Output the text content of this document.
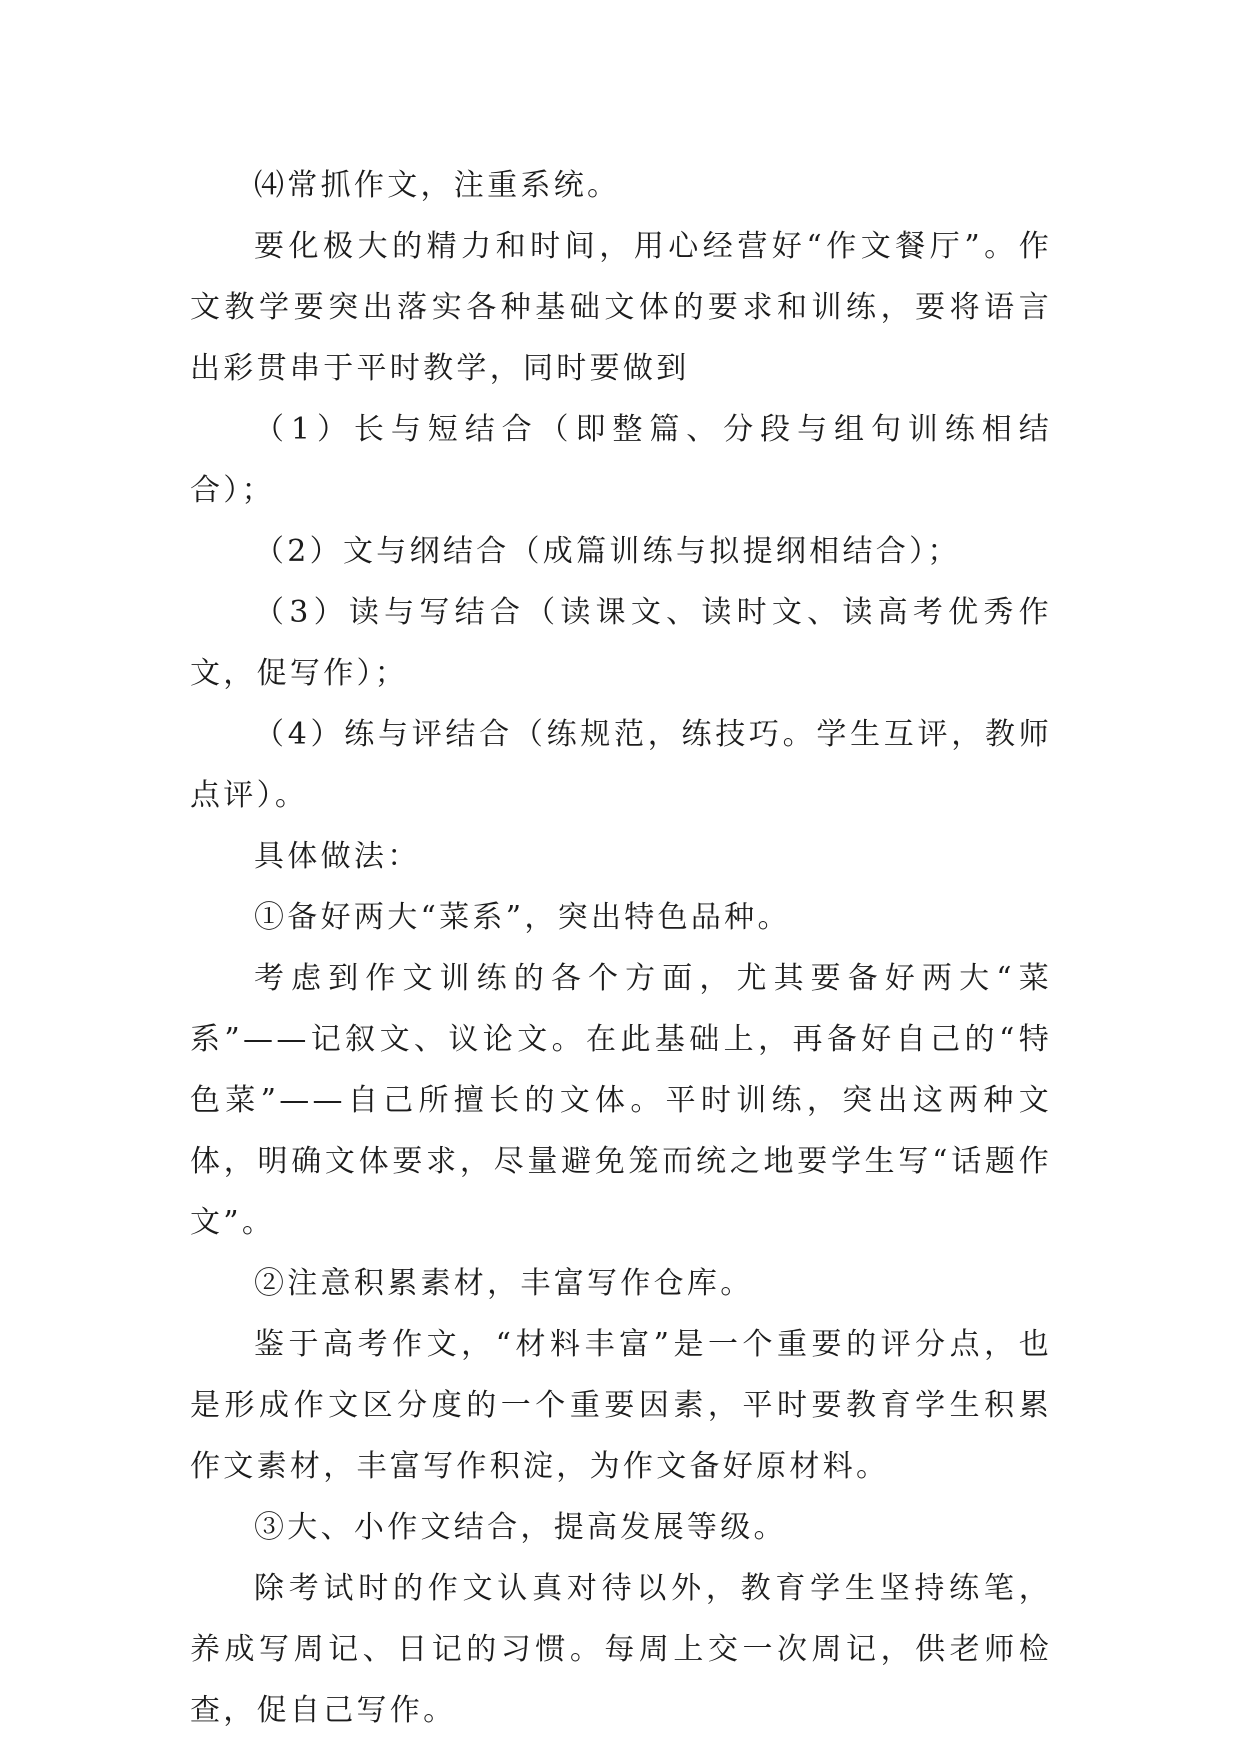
⑷常抓作文，注重系统。

要化极大的精力和时间，用心经营好“作文餐厅”。作文教学要突出落实各种基础文体的要求和训练，要将语言出彩贯串于平时教学，同时要做到

（1）长与短结合（即整篇、分段与组句训练相结合）；

（2）文与纲结合（成篇训练与拟提纲相结合）；

（3）读与写结合（读课文、读时文、读高考优秀作文，促写作）；

（4）练与评结合（练规范，练技巧。学生互评，教师点评）。

具体做法：

①备好两大“菜系”，突出特色品种。

考虑到作文训练的各个方面，尤其要备好两大“菜系”——记叙文、议论文。在此基础上，再备好自己的“特色菜”——自己所擅长的文体。平时训练，突出这两种文体，明确文体要求，尽量避免笼而统之地要学生写“话题作文”。

②注意积累素材，丰富写作仓库。

鉴于高考作文，“材料丰富”是一个重要的评分点，也是形成作文区分度的一个重要因素，平时要教育学生积累作文素材，丰富写作积淀，为作文备好原材料。

③大、小作文结合，提高发展等级。

除考试时的作文认真对待以外，教育学生坚持练笔，养成写周记、日记的习惯。每周上交一次周记，供老师检查，促自己写作。
